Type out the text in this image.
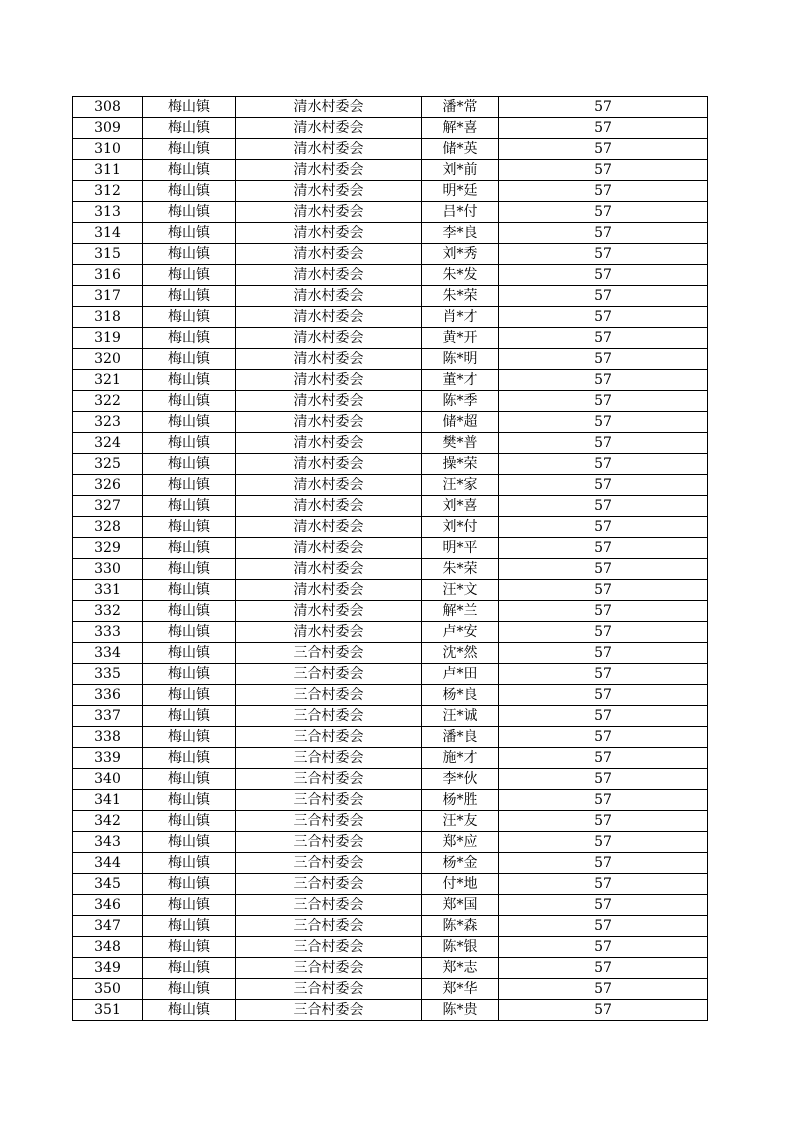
308	梅山镇	清水村委会	潘*常	57
309	梅山镇	清水村委会	解*喜	57
310	梅山镇	清水村委会	储*英	57
311	梅山镇	清水村委会	刘*前	57
312	梅山镇	清水村委会	明*廷	57
313	梅山镇	清水村委会	吕*付	57
314	梅山镇	清水村委会	李*良	57
315	梅山镇	清水村委会	刘*秀	57
316	梅山镇	清水村委会	朱*发	57
317	梅山镇	清水村委会	朱*荣	57
318	梅山镇	清水村委会	肖*才	57
319	梅山镇	清水村委会	黄*开	57
320	梅山镇	清水村委会	陈*明	57
321	梅山镇	清水村委会	董*才	57
322	梅山镇	清水村委会	陈*季	57
323	梅山镇	清水村委会	储*超	57
324	梅山镇	清水村委会	樊*普	57
325	梅山镇	清水村委会	操*荣	57
326	梅山镇	清水村委会	汪*家	57
327	梅山镇	清水村委会	刘*喜	57
328	梅山镇	清水村委会	刘*付	57
329	梅山镇	清水村委会	明*平	57
330	梅山镇	清水村委会	朱*荣	57
331	梅山镇	清水村委会	汪*文	57
332	梅山镇	清水村委会	解*兰	57
333	梅山镇	清水村委会	卢*安	57
334	梅山镇	三合村委会	沈*然	57
335	梅山镇	三合村委会	卢*田	57
336	梅山镇	三合村委会	杨*良	57
337	梅山镇	三合村委会	汪*诚	57
338	梅山镇	三合村委会	潘*良	57
339	梅山镇	三合村委会	施*才	57
340	梅山镇	三合村委会	李*伙	57
341	梅山镇	三合村委会	杨*胜	57
342	梅山镇	三合村委会	汪*友	57
343	梅山镇	三合村委会	郑*应	57
344	梅山镇	三合村委会	杨*金	57
345	梅山镇	三合村委会	付*地	57
346	梅山镇	三合村委会	郑*国	57
347	梅山镇	三合村委会	陈*森	57
348	梅山镇	三合村委会	陈*银	57
349	梅山镇	三合村委会	郑*志	57
350	梅山镇	三合村委会	郑*华	57
351	梅山镇	三合村委会	陈*贵	57
